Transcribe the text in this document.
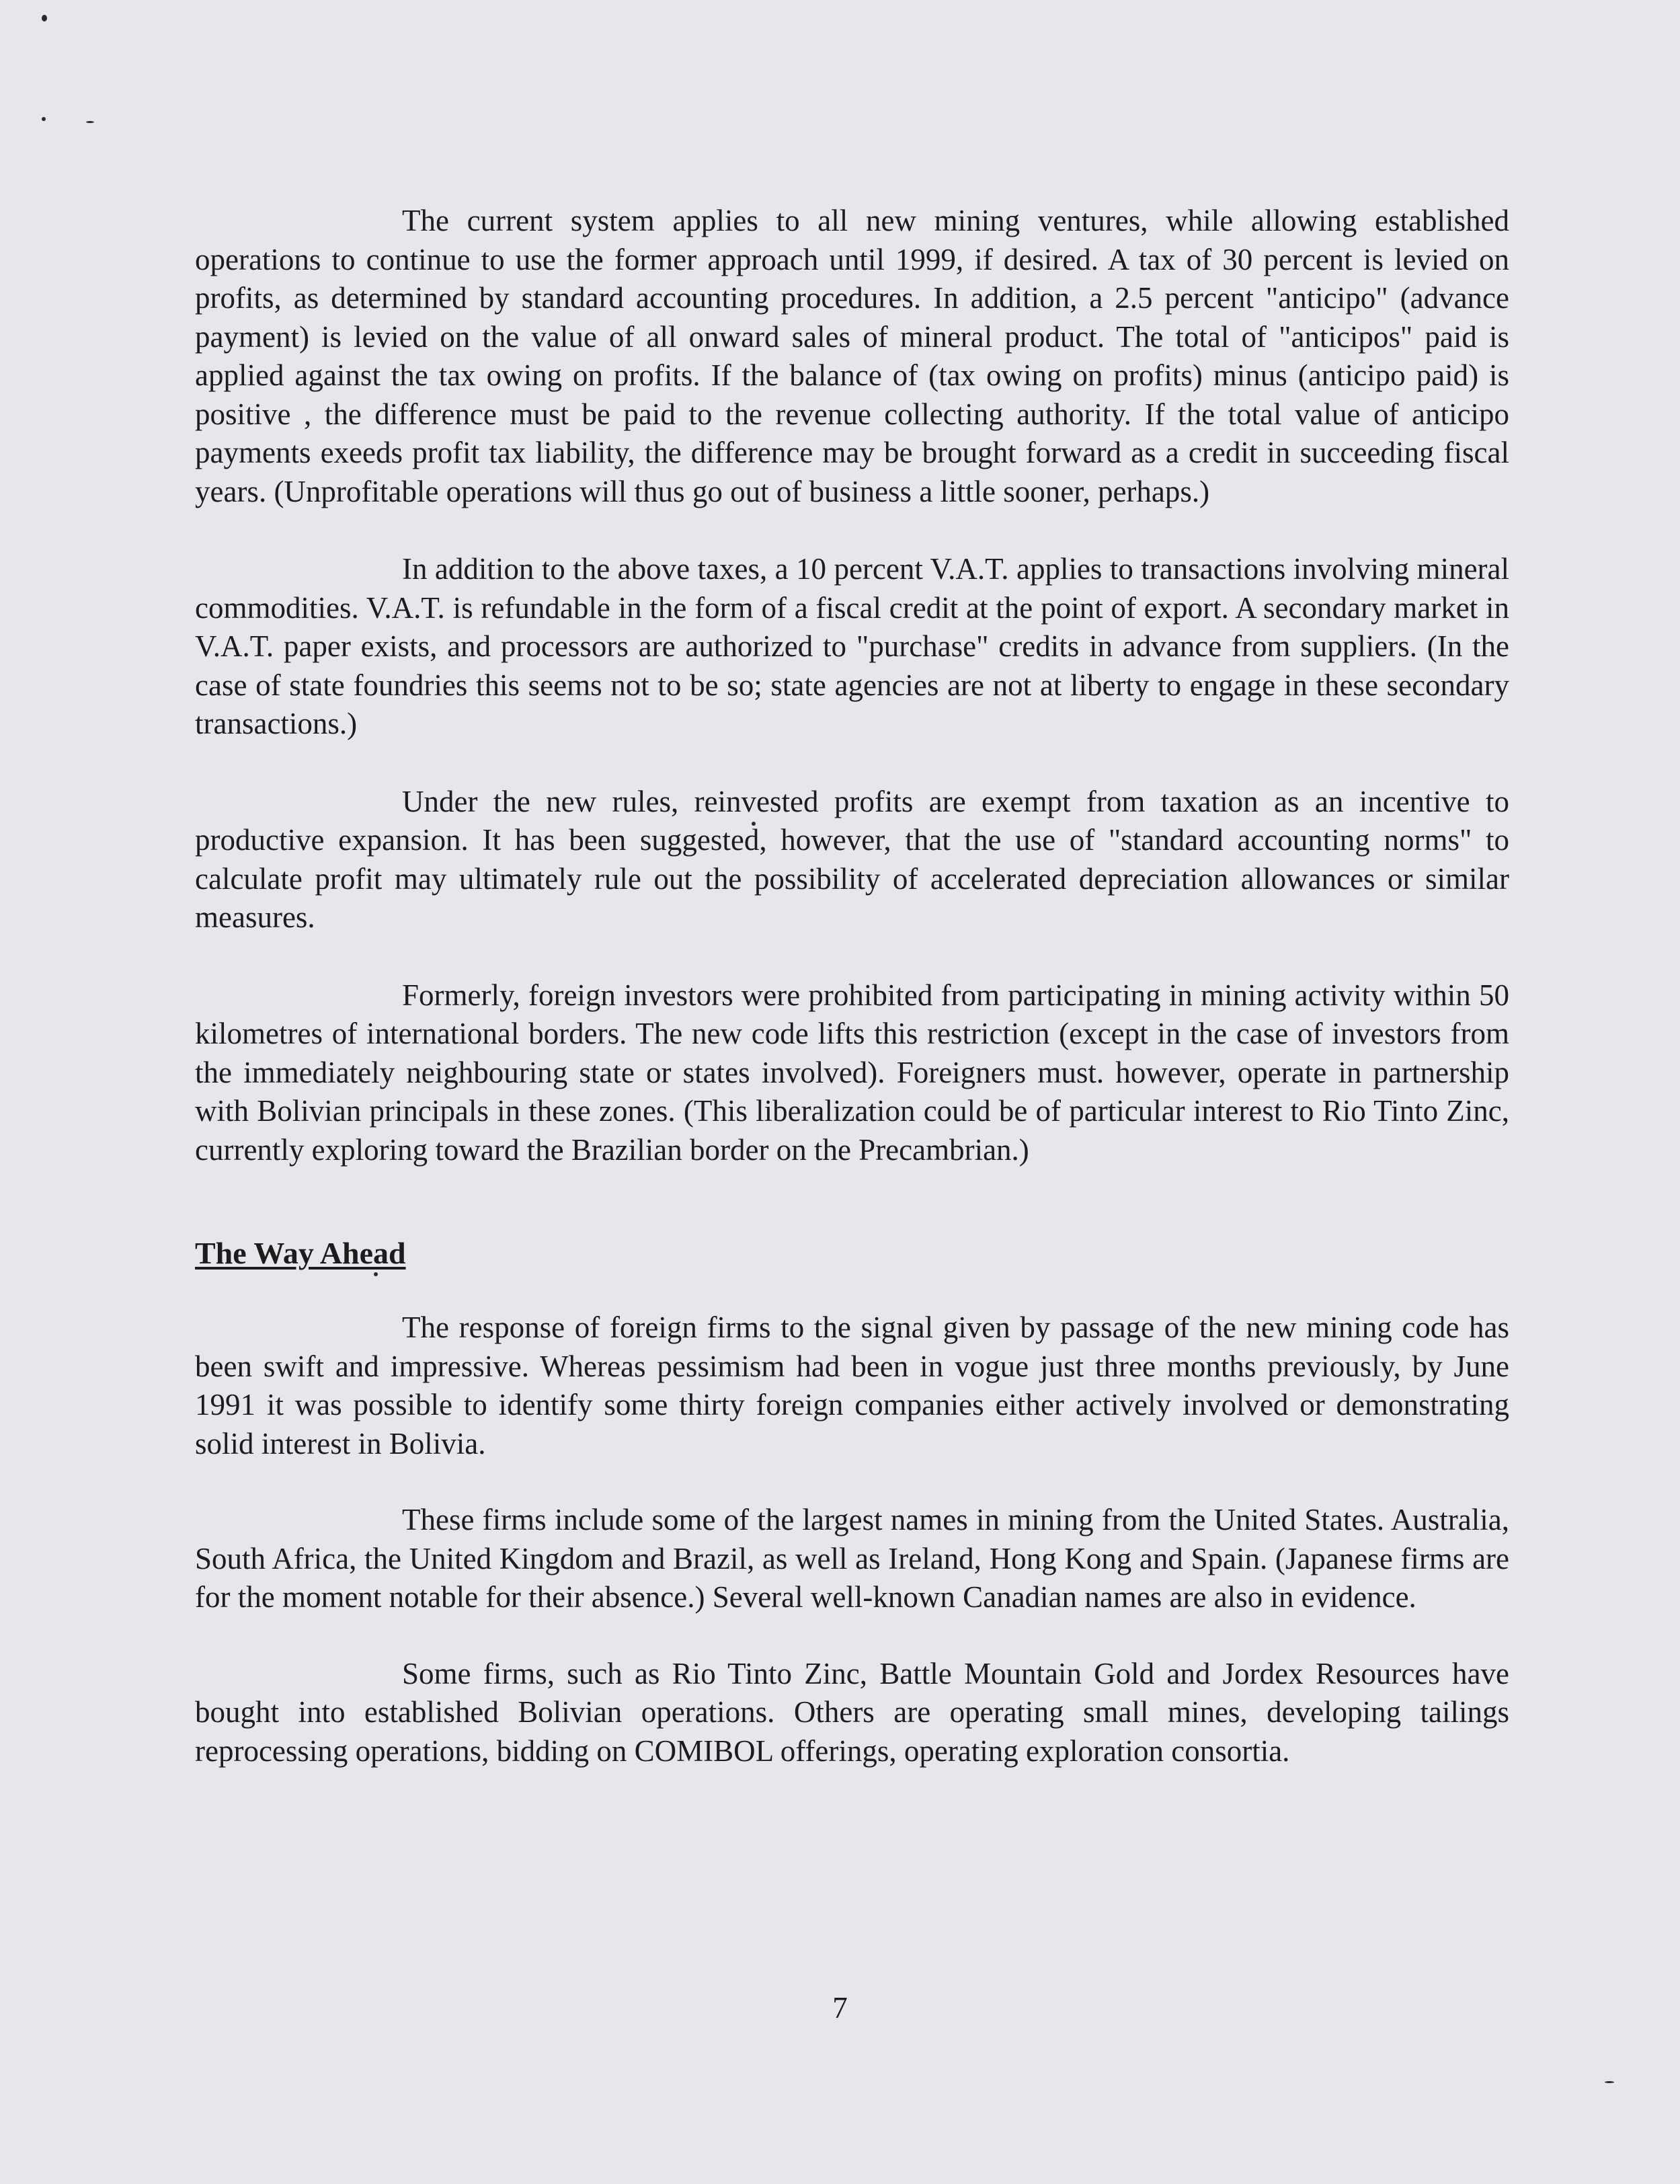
The current system applies to all new mining ventures, while allowing established operations to continue to use the former approach until 1999, if desired. A tax of 30 percent is levied on profits, as determined by standard accounting procedures. In addition, a 2.5 percent "anticipo" (advance payment) is levied on the value of all onward sales of mineral product. The total of "anticipos" paid is applied against the tax owing on profits. If the balance of (tax owing on profits) minus (anticipo paid) is positive , the difference must be paid to the revenue collecting authority. If the total value of anticipo payments exeeds profit tax liability, the difference may be brought forward as a credit in succeeding fiscal years. (Unprofitable operations will thus go out of business a little sooner, perhaps.)

In addition to the above taxes, a 10 percent V.A.T. applies to transactions involving mineral commodities. V.A.T. is refundable in the form of a fiscal credit at the point of export. A secondary market in V.A.T. paper exists, and processors are authorized to "purchase" credits in advance from suppliers. (In the case of state foundries this seems not to be so; state agencies are not at liberty to engage in these secondary transactions.)

Under the new rules, reinvested profits are exempt from taxation as an incentive to productive expansion. It has been suggested, however, that the use of "standard accounting norms" to calculate profit may ultimately rule out the possibility of accelerated depreciation allowances or similar measures.

Formerly, foreign investors were prohibited from participating in mining activity within 50 kilometres of international borders. The new code lifts this restriction (except in the case of investors from the immediately neighbouring state or states involved). Foreigners must. however, operate in partnership with Bolivian principals in these zones. (This liberalization could be of particular interest to Rio Tinto Zinc, currently exploring toward the Brazilian border on the Precambrian.)

The Way Ahead

The response of foreign firms to the signal given by passage of the new mining code has been swift and impressive. Whereas pessimism had been in vogue just three months previously, by June 1991 it was possible to identify some thirty foreign companies either actively involved or demonstrating solid interest in Bolivia.

These firms include some of the largest names in mining from the United States. Australia, South Africa, the United Kingdom and Brazil, as well as Ireland, Hong Kong and Spain. (Japanese firms are for the moment notable for their absence.) Several well-known Canadian names are also in evidence.

Some firms, such as Rio Tinto Zinc, Battle Mountain Gold and Jordex Resources have bought into established Bolivian operations. Others are operating small mines, developing tailings reprocessing operations, bidding on COMIBOL offerings, operating exploration consortia.

7
